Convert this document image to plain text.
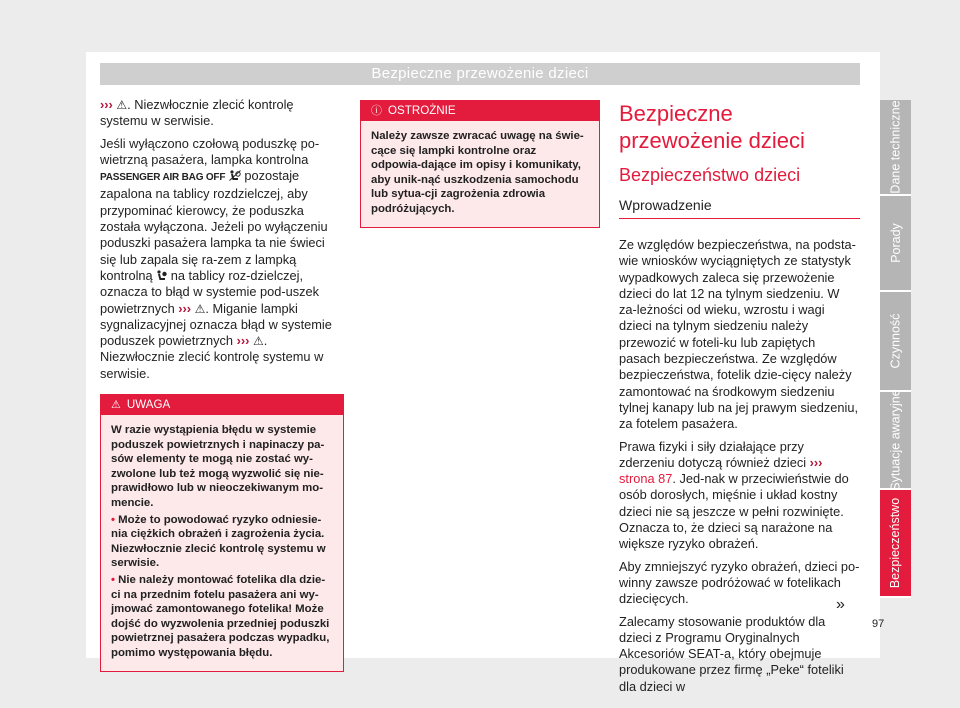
Bezpieczne przewożenie dzieci

››› ⚠. Niezwłocznie zlecić kontrolę systemu w serwisie.

Jeśli wyłączono czołową poduszkę po-wietrzną pasażera, lampka kontrolna PASSENGER AIR BAG OFF  pozostaje zapalona na tablicy rozdzielczej, aby przypominać kierowcy, że poduszka została wyłączona. Jeżeli po wyłączeniu poduszki pasażera lampka ta nie świeci się lub zapala się ra-zem z lampką kontrolną  na tablicy roz-dzielczej, oznacza to błąd w systemie pod-uszek powietrznych ››› ⚠. Miganie lampki sygnalizacyjnej oznacza błąd w systemie poduszek powietrznych ››› ⚠. Niezwłocznie zlecić kontrolę systemu w serwisie.

⚠ UWAGA

W razie wystąpienia błędu w systemie poduszek powietrznych i napinaczy pa-sów elementy te mogą nie zostać wy-zwolone lub też mogą wyzwolić się nie-prawidłowo lub w nieoczekiwanym mo-mencie.

• Może to powodować ryzyko odniesie-nia ciężkich obrażeń i zagrożenia życia. Niezwłocznie zlecić kontrolę systemu w serwisie.

• Nie należy montować fotelika dla dzie-ci na przednim fotelu pasażera ani wy-jmować zamontowanego fotelika! Może dojść do wyzwolenia przedniej poduszki powietrznej pasażera podczas wypadku, pomimo występowania błędu.

ⓘ OSTROŻNIE

Należy zawsze zwracać uwagę na świe-cące się lampki kontrolne oraz odpowia-dające im opisy i komunikaty, aby unik-nąć uszkodzenia samochodu lub sytua-cji zagrożenia zdrowia podróżujących.

Bezpieczne przewożenie dzieci
Bezpieczeństwo dzieci
Wprowadzenie

Ze względów bezpieczeństwa, na podsta-wie wniosków wyciągniętych ze statystyk wypadkowych zaleca się przewożenie dzieci do lat 12 na tylnym siedzeniu. W za-leżności od wieku, wzrostu i wagi dzieci na tylnym siedzeniu należy przewozić w foteli-ku lub zapiętych pasach bezpieczeństwa. Ze względów bezpieczeństwa, fotelik dzie-cięcy należy zamontować na środkowym siedzeniu tylnej kanapy lub na jej prawym siedzeniu, za fotelem pasażera.

Prawa fizyki i siły działające przy zderzeniu dotyczą również dzieci ››› strona 87. Jed-nak w przeciwieństwie do osób dorosłych, mięśnie i układ kostny dzieci nie są jeszcze w pełni rozwinięte. Oznacza to, że dzieci są narażone na większe ryzyko obrażeń.

Aby zmniejszyć ryzyko obrażeń, dzieci po-winny zawsze podróżować w fotelikach dziecięcych.

Zalecamy stosowanie produktów dla dzieci z Programu Oryginalnych Akcesoriów SEAT-a, który obejmuje produkowane przez firmę „Peke“ foteliki dla dzieci w

»
97
Dane techniczne
Porady
Czynność
Sytuacje awaryjne
Bezpieczeństwo
